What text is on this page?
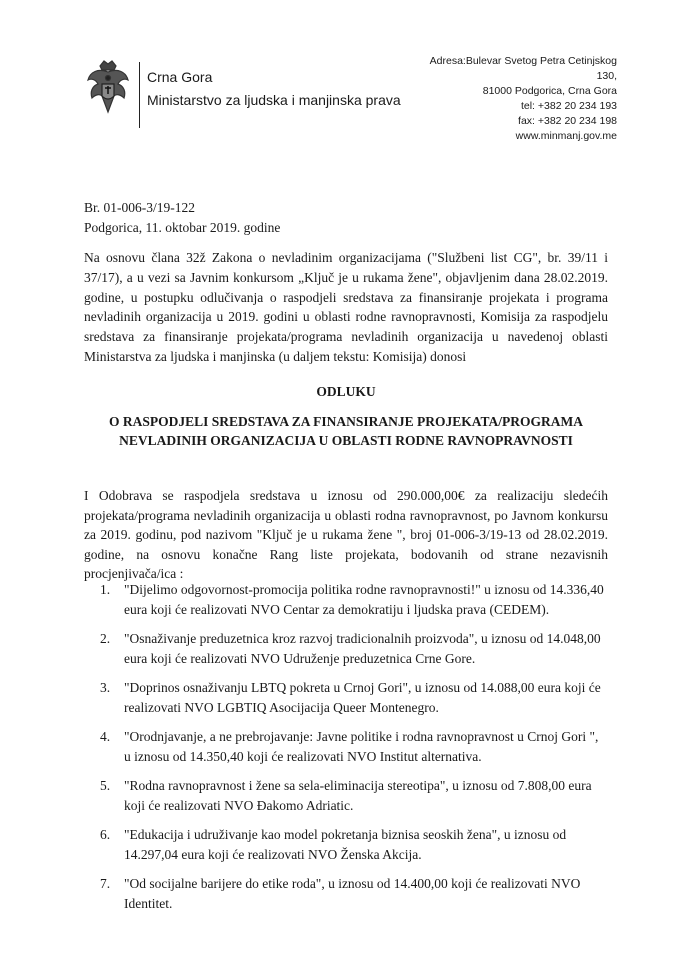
Crna Gora
Ministarstvo za ljudska i manjinska prava
Adresa:Bulevar Svetog Petra Cetinjskog
130,
81000 Podgorica, Crna Gora
tel: +382 20 234 193
fax: +382 20 234 198
www.minmanj.gov.me
Br. 01-006-3/19-122
Podgorica, 11. oktobar 2019. godine
Na osnovu člana 32ž Zakona o nevladinim organizacijama ("Službeni list CG", br. 39/11 i 37/17), a u vezi sa Javnim konkursom „Ključ je u rukama žene", objavljenim dana 28.02.2019. godine, u postupku odlučivanja o raspodjeli sredstava za finansiranje projekata i programa nevladinih organizacija u 2019. godini u oblasti rodne ravnopravnosti, Komisija za raspodjelu sredstava za finansiranje projekata/programa nevladinih organizacija u navedenoj oblasti Ministarstva za ljudska i manjinska (u daljem tekstu: Komisija) donosi
ODLUKU
O RASPODJELI SREDSTAVA ZA FINANSIRANJE PROJEKATA/PROGRAMA
NEVLADINIH ORGANIZACIJA U OBLASTI RODNE RAVNOPRAVNOSTI
I Odobrava se raspodjela sredstava u iznosu od 290.000,00€ za realizaciju sledećih projekata/programa nevladinih organizacija u oblasti rodna ravnopravnost, po Javnom konkursu za 2019. godinu, pod nazivom "Ključ je u rukama žene ", broj 01-006-3/19-13 od 28.02.2019. godine, na osnovu konačne Rang liste projekata, bodovanih od strane nezavisnih procjenjivača/ica :
1. "Dijelimo odgovornost-promocija politika rodne ravnopravnosti!" u iznosu od 14.336,40 eura koji će realizovati NVO Centar za demokratiju i ljudska prava (CEDEM).
2. "Osnaživanje preduzetnica kroz razvoj tradicionalnih proizvoda", u iznosu od 14.048,00 eura koji će realizovati NVO Udruženje preduzetnica Crne Gore.
3. "Doprinos osnaživanju LBTQ pokreta u Crnoj Gori", u iznosu od 14.088,00 eura koji će realizovati NVO LGBTIQ Asocijacija Queer Montenegro.
4. "Orodnjavanje, a ne prebrojavanje: Javne politike i rodna ravnopravnost u Crnoj Gori ", u iznosu od 14.350,40 koji će realizovati NVO Institut alternativa.
5. "Rodna ravnopravnost i žene sa sela-eliminacija stereotipa", u iznosu od 7.808,00 eura koji će realizovati NVO Đakomo Adriatic.
6. "Edukacija i udruživanje kao model pokretanja biznisa seoskih žena", u iznosu od 14.297,04 eura koji će realizovati NVO Ženska Akcija.
7. "Od socijalne barijere do etike roda", u iznosu od 14.400,00 koji će realizovati NVO Identitet.
